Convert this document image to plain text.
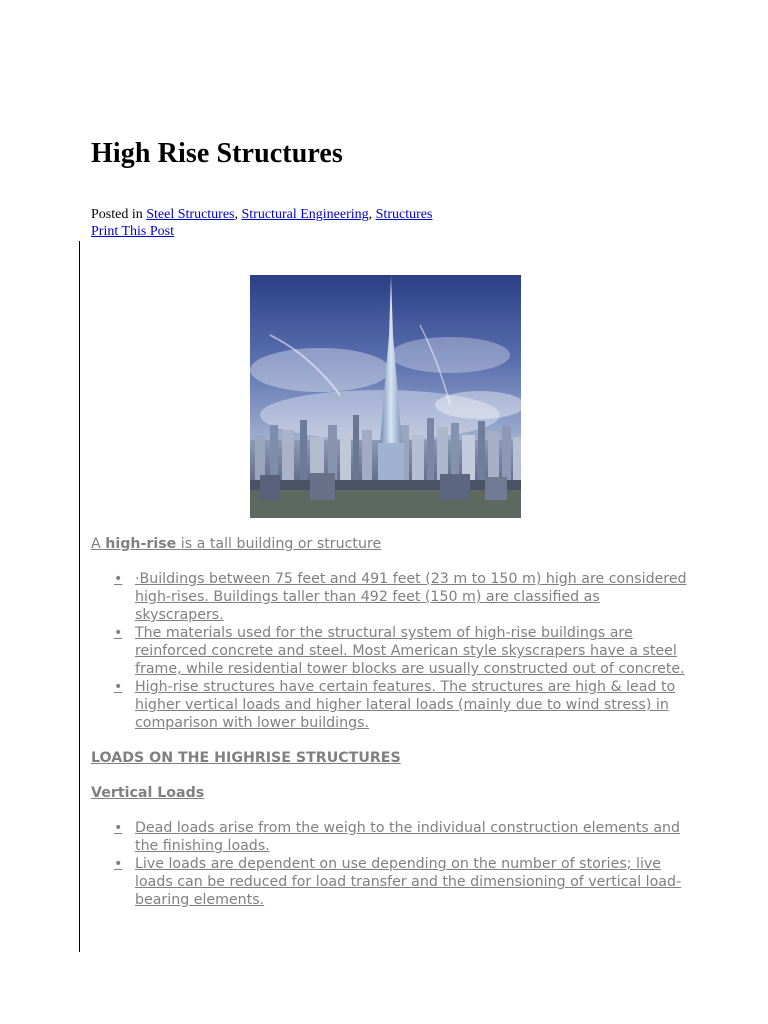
High Rise Structures
Posted in Steel Structures, Structural Engineering, Structures
Print This Post

A high-rise is a tall building or structure

• ·Buildings between 75 feet and 491 feet (23 m to 150 m) high are considered high-rises. Buildings taller than 492 feet (150 m) are classified as skyscrapers.
• The materials used for the structural system of high-rise buildings are reinforced concrete and steel. Most American style skyscrapers have a steel frame, while residential tower blocks are usually constructed out of concrete.
• High-rise structures have certain features. The structures are high & lead to higher vertical loads and higher lateral loads (mainly due to wind stress) in comparison with lower buildings.

LOADS ON THE HIGHRISE STRUCTURES

Vertical Loads

• Dead loads arise from the weigh to the individual construction elements and the finishing loads.
• Live loads are dependent on use depending on the number of stories; live loads can be reduced for load transfer and the dimensioning of vertical load-bearing elements.
